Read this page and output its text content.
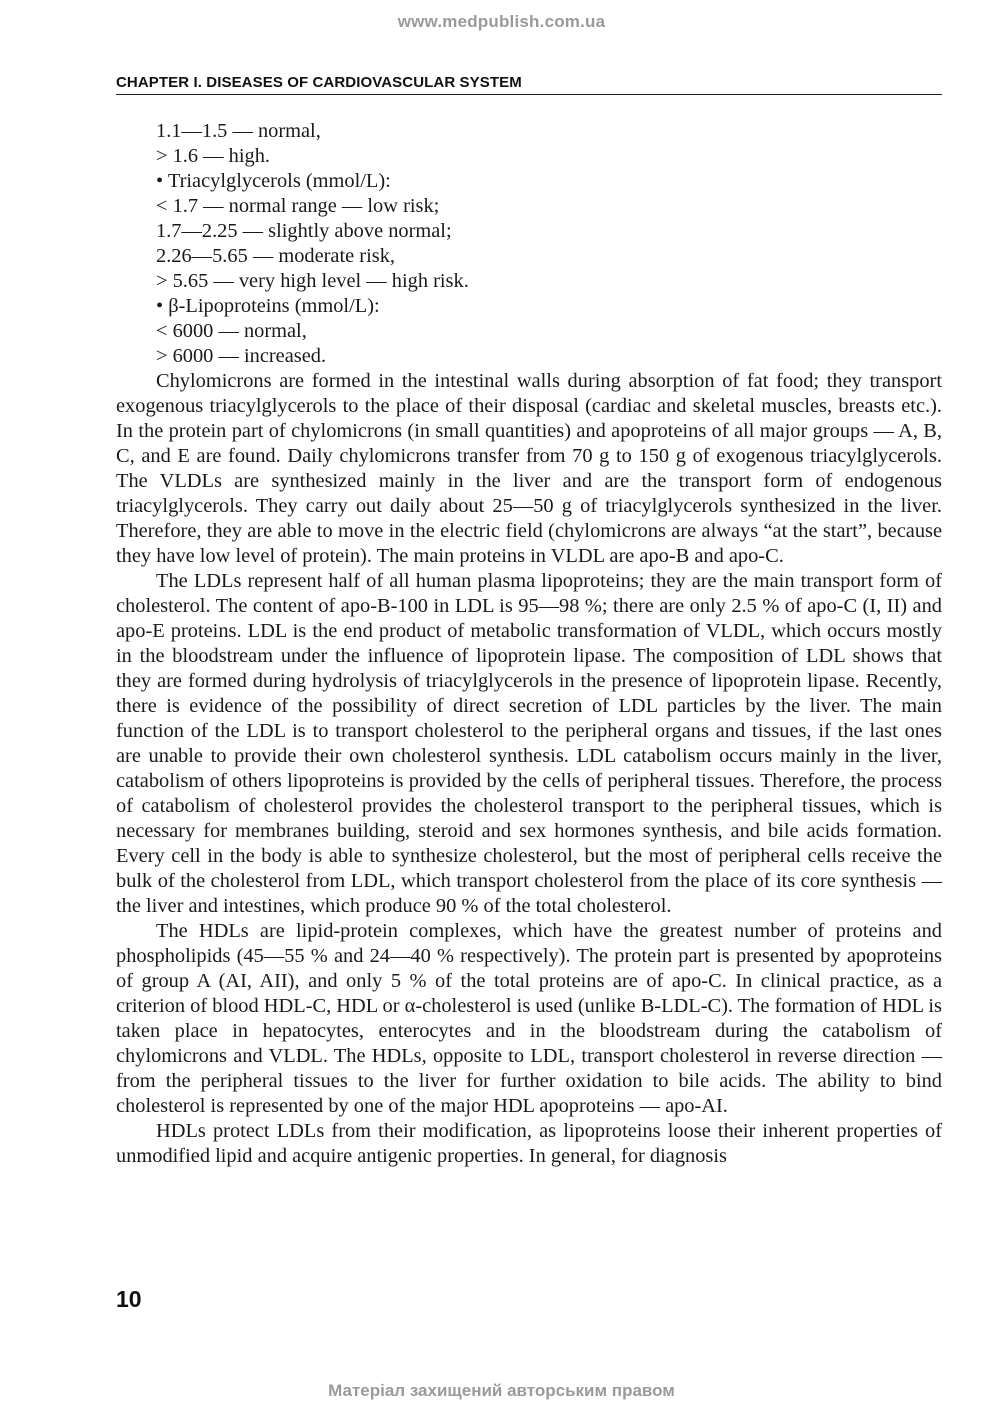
www.medpublish.com.ua
CHAPTER I. DISEASES OF CARDIOVASCULAR SYSTEM
1.1—1.5 — normal,
> 1.6 — high.
• Triacylglycerols (mmol/L):
< 1.7 — normal range — low risk;
1.7—2.25 — slightly above normal;
2.26—5.65 — moderate risk,
> 5.65 — very high level — high risk.
• β-Lipoproteins (mmol/L):
< 6000 — normal,
> 6000 — increased.

Chylomicrons are formed in the intestinal walls during absorption of fat food; they transport exogenous triacylglycerols to the place of their disposal (cardiac and skeletal muscles, breasts etc.). In the protein part of chylomicrons (in small quantities) and apoproteins of all major groups — A, B, C, and E are found. Daily chylomicrons transfer from 70 g to 150 g of exogenous triacylglycerols. The VLDLs are synthesized mainly in the liver and are the transport form of endogenous triacylglycerols. They carry out daily about 25—50 g of triacylglycerols synthesized in the liver. Therefore, they are able to move in the electric field (chylomicrons are always “at the start”, because they have low level of protein). The main proteins in VLDL are apo-B and apo-C.

The LDLs represent half of all human plasma lipoproteins; they are the main transport form of cholesterol. The content of apo-B-100 in LDL is 95—98 %; there are only 2.5 % of apo-C (I, II) and apo-E proteins. LDL is the end product of metabolic transformation of VLDL, which occurs mostly in the bloodstream under the influence of lipoprotein lipase. The composition of LDL shows that they are formed during hydrolysis of triacylglycerols in the presence of lipoprotein lipase. Recently, there is evidence of the possibility of direct secretion of LDL particles by the liver. The main function of the LDL is to transport cholesterol to the peripheral organs and tissues, if the last ones are unable to provide their own cholesterol synthesis. LDL catabolism occurs mainly in the liver, catabolism of others lipoproteins is provided by the cells of peripheral tissues. Therefore, the process of catabolism of cholesterol provides the cholesterol transport to the peripheral tissues, which is necessary for membranes building, steroid and sex hormones synthesis, and bile acids formation. Every cell in the body is able to synthesize cholesterol, but the most of peripheral cells receive the bulk of the cholesterol from LDL, which transport cholesterol from the place of its core synthesis — the liver and intestines, which produce 90 % of the total cholesterol.

The HDLs are lipid-protein complexes, which have the greatest number of proteins and phospholipids (45—55 % and 24—40 % respectively). The protein part is presented by apoproteins of group A (AI, AII), and only 5 % of the total proteins are of apo-C. In clinical practice, as a criterion of blood HDL-C, HDL or α-cholesterol is used (unlike B-LDL-C). The formation of HDL is taken place in hepatocytes, enterocytes and in the bloodstream during the catabolism of chylomicrons and VLDL. The HDLs, opposite to LDL, transport cholesterol in reverse direction — from the peripheral tissues to the liver for further oxidation to bile acids. The ability to bind cholesterol is represented by one of the major HDL apoproteins — apo-AI.

HDLs protect LDLs from their modification, as lipoproteins loose their inherent properties of unmodified lipid and acquire antigenic properties. In general, for diagnosis

10
Матеріал захищений авторським правом
